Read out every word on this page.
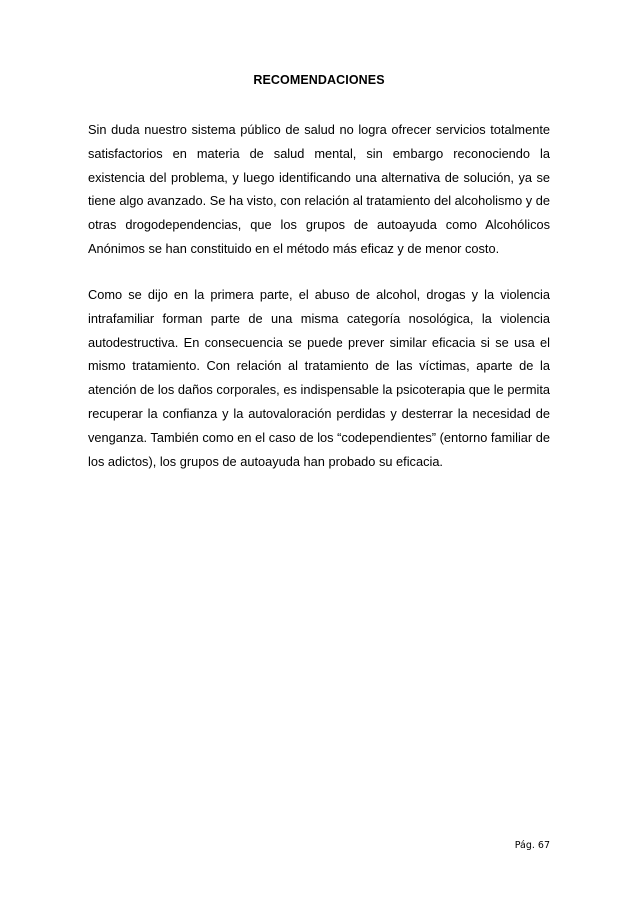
RECOMENDACIONES

Sin duda nuestro sistema público de salud no logra ofrecer servicios totalmente satisfactorios en materia de salud mental, sin embargo reconociendo la existencia del problema, y luego identificando una alternativa de solución, ya se tiene algo avanzado. Se ha visto, con relación al tratamiento del alcoholismo y de otras drogodependencias, que los grupos de autoayuda como Alcohólicos Anónimos se han constituido en el método más eficaz y de menor costo.

Como se dijo en la primera parte, el abuso de alcohol, drogas y la violencia intrafamiliar forman parte de una misma categoría nosológica, la violencia autodestructiva. En consecuencia se puede prever similar eficacia si se usa el mismo tratamiento. Con relación al tratamiento de las víctimas, aparte de la atención de los daños corporales, es indispensable la psicoterapia que le permita recuperar la confianza y la autovaloración perdidas y desterrar la necesidad de venganza. También como en el caso de los “codependientes” (entorno familiar de los adictos), los grupos de autoayuda han probado su eficacia.

Pág. 67
